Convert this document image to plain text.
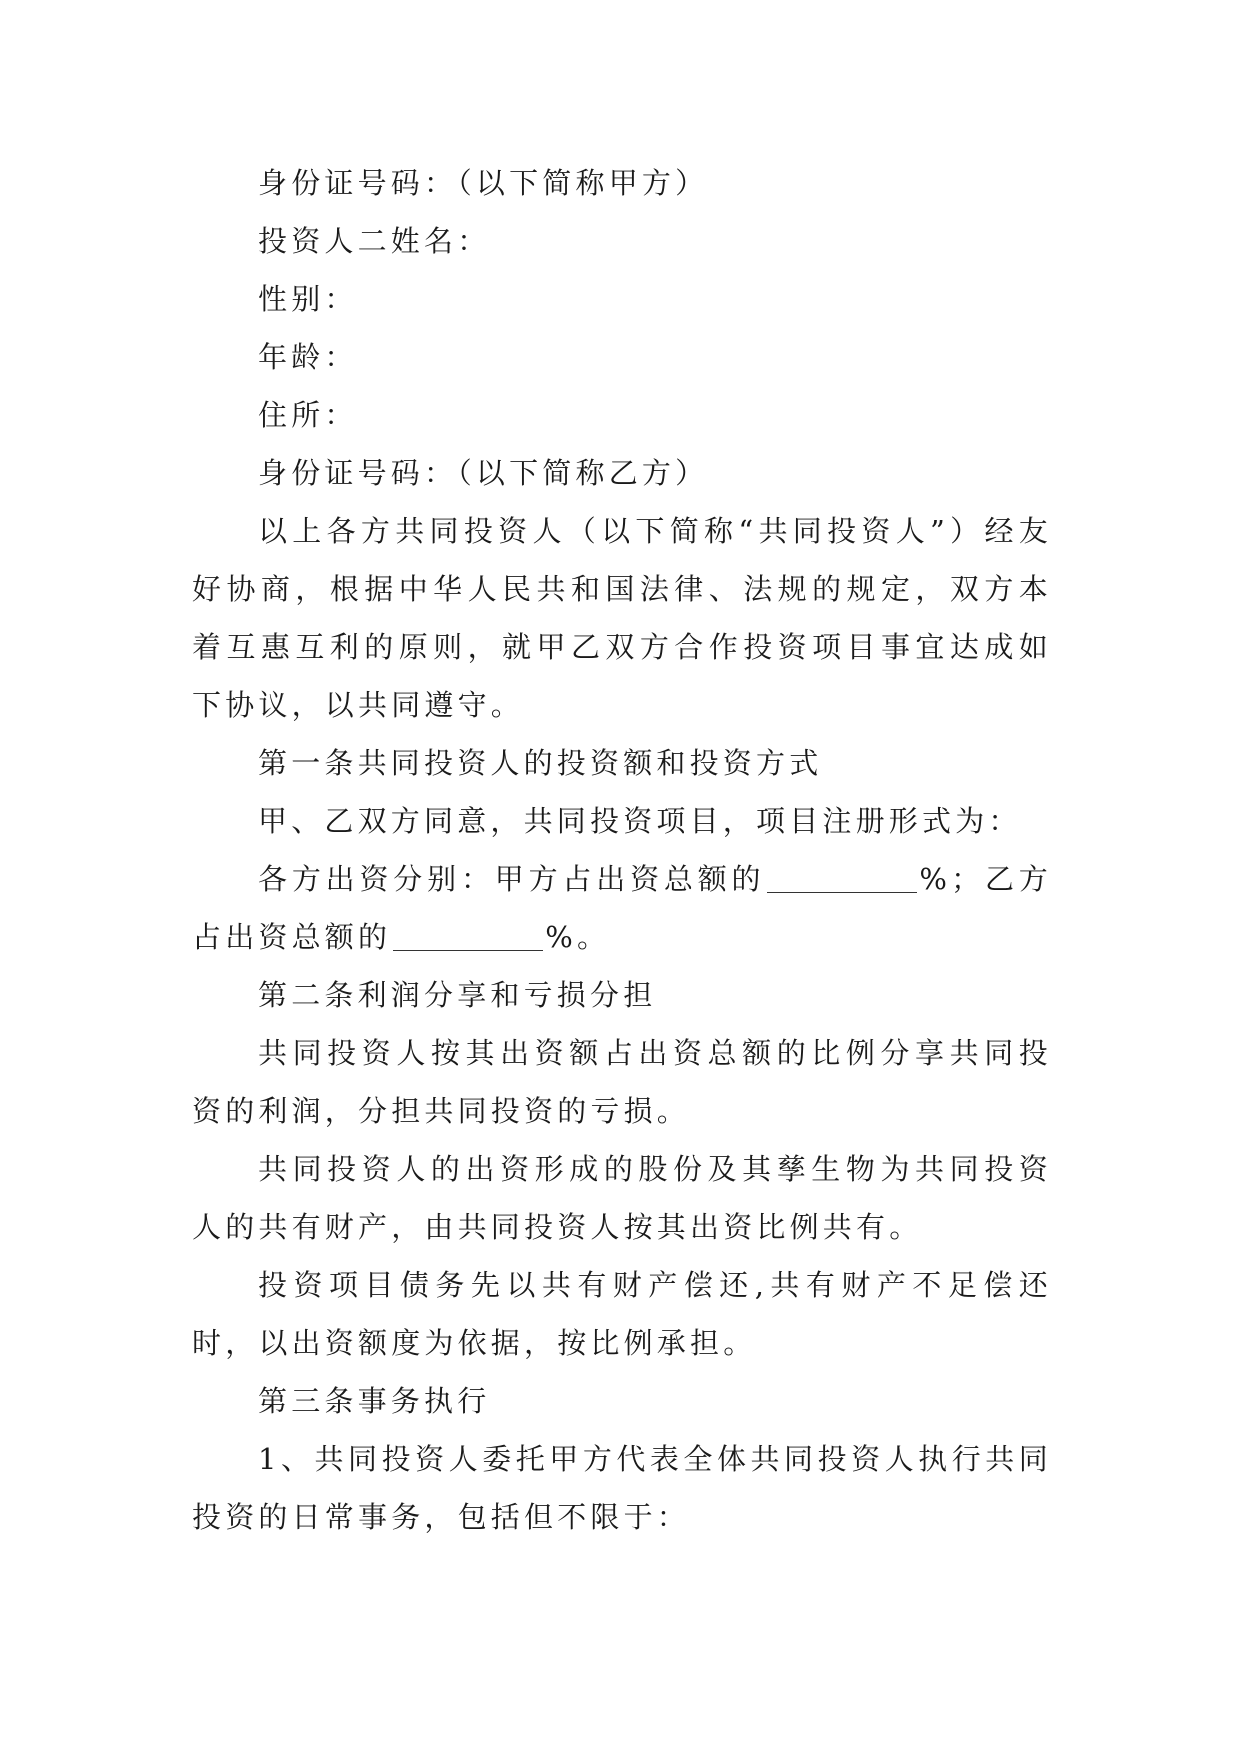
身份证号码：（以下简称甲方）

投资人二姓名：

性别：

年龄：

住所：

身份证号码：（以下简称乙方）

以上各方共同投资人（以下简称“共同投资人”）经友好协商，根据中华人民共和国法律、法规的规定，双方本着互惠互利的原则，就甲乙双方合作投资项目事宜达成如下协议，以共同遵守。

第一条共同投资人的投资额和投资方式

甲、乙双方同意，共同投资项目，项目注册形式为：

各方出资分别：甲方占出资总额的	%；乙方占出资总额的	%。

第二条利润分享和亏损分担

共同投资人按其出资额占出资总额的比例分享共同投资的利润，分担共同投资的亏损。

共同投资人的出资形成的股份及其孳生物为共同投资人的共有财产，由共同投资人按其出资比例共有。

投资项目债务先以共有财产偿还,共有财产不足偿还时，以出资额度为依据，按比例承担。

第三条事务执行

1、共同投资人委托甲方代表全体共同投资人执行共同投资的日常事务，包括但不限于：
